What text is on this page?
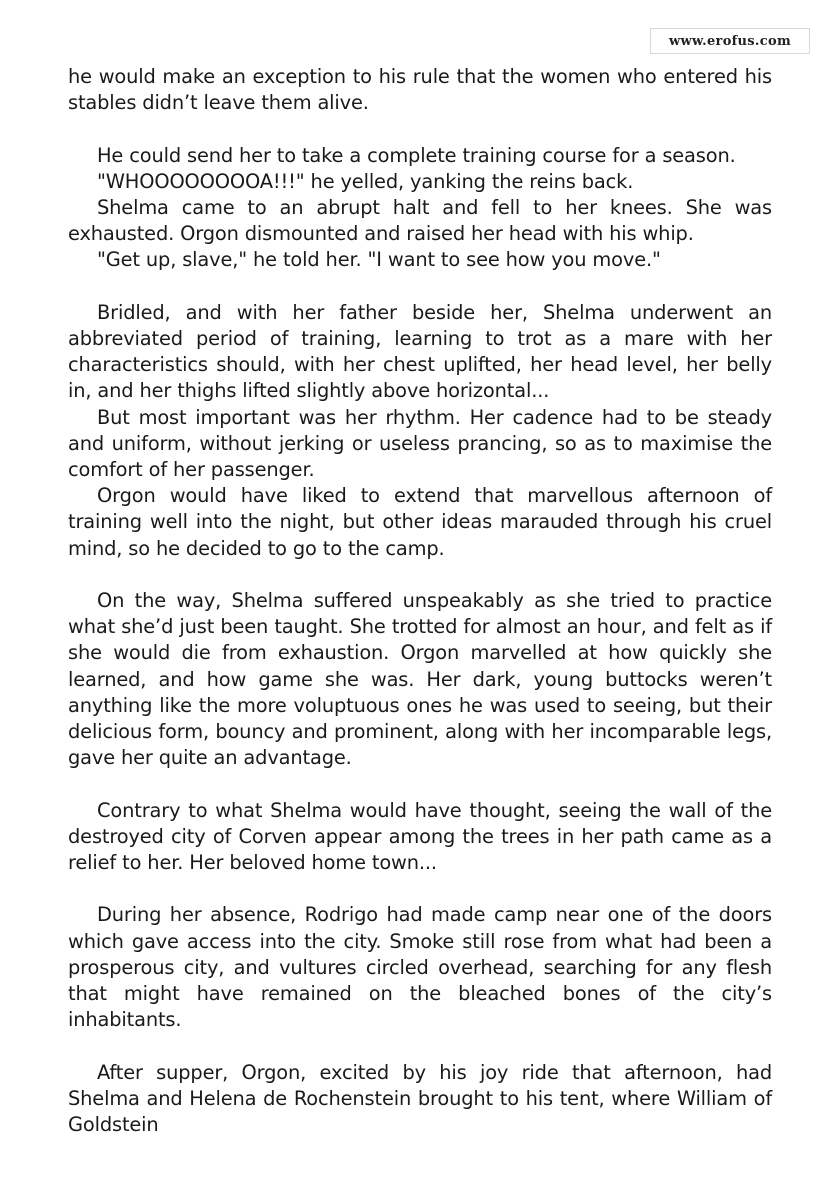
www.erofus.com

he would make an exception to his rule that the women who entered his stables didn’t leave them alive.

He could send her to take a complete training course for a season.

"WHOOOOOOOOA!!!" he yelled, yanking the reins back.

Shelma came to an abrupt halt and fell to her knees. She was exhausted. Orgon dismounted and raised her head with his whip.

"Get up, slave," he told her. "I want to see how you move."

Bridled, and with her father beside her, Shelma underwent an abbreviated period of training, learning to trot as a mare with her characteristics should, with her chest uplifted, her head level, her belly in, and her thighs lifted slightly above horizontal...

But most important was her rhythm. Her cadence had to be steady and uniform, without jerking or useless prancing, so as to maximise the comfort of her passenger.

Orgon would have liked to extend that marvellous afternoon of training well into the night, but other ideas marauded through his cruel mind, so he decided to go to the camp.

On the way, Shelma suffered unspeakably as she tried to practice what she’d just been taught. She trotted for almost an hour, and felt as if she would die from exhaustion. Orgon marvelled at how quickly she learned, and how game she was. Her dark, young buttocks weren’t anything like the more voluptuous ones he was used to seeing, but their delicious form, bouncy and prominent, along with her incomparable legs, gave her quite an advantage.

Contrary to what Shelma would have thought, seeing the wall of the destroyed city of Corven appear among the trees in her path came as a relief to her. Her beloved home town...

During her absence, Rodrigo had made camp near one of the doors which gave access into the city. Smoke still rose from what had been a prosperous city, and vultures circled overhead, searching for any flesh that might have remained on the bleached bones of the city’s inhabitants.

After supper, Orgon, excited by his joy ride that afternoon, had Shelma and Helena de Rochenstein brought to his tent, where William of Goldstein
